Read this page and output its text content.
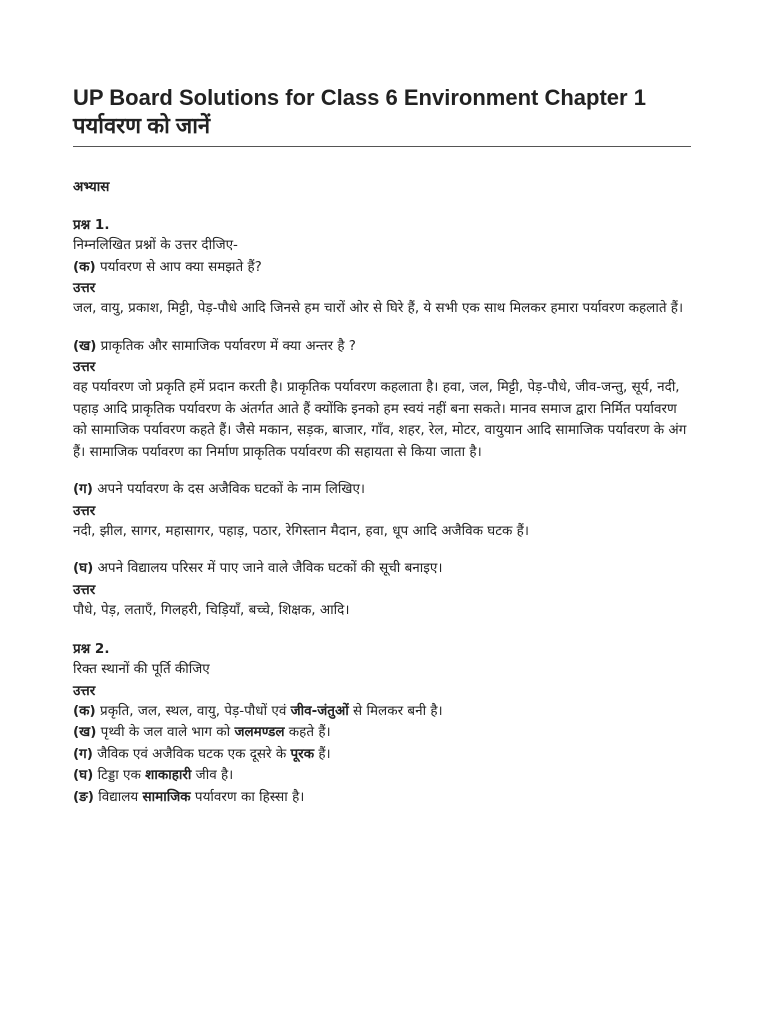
UP Board Solutions for Class 6 Environment Chapter 1
पर्यावरण को जानें
अभ्यास
प्रश्न 1.

निम्नलिखित प्रश्नों के उत्तर दीजिए-

(क) पर्यावरण से आप क्या समझते हैं?

उत्तर

जल, वायु, प्रकाश, मिट्टी, पेड़-पौधे आदि जिनसे हम चारों ओर से घिरे हैं, ये सभी एक साथ मिलकर हमारा पर्यावरण कहलाते हैं।

(ख) प्राकृतिक और सामाजिक पर्यावरण में क्या अन्तर है ?

उत्तर

वह पर्यावरण जो प्रकृति हमें प्रदान करती है। प्राकृतिक पर्यावरण कहलाता है। हवा, जल, मिट्टी, पेड़-पौधे, जीव-जन्तु, सूर्य, नदी, पहाड़ आदि प्राकृतिक पर्यावरण के अंतर्गत आते हैं क्योंकि इनको हम स्वयं नहीं बना सकते। मानव समाज द्वारा निर्मित पर्यावरण को सामाजिक पर्यावरण कहते हैं। जैसे मकान, सड़क, बाजार, गाँव, शहर, रेल, मोटर, वायुयान आदि सामाजिक पर्यावरण के अंग हैं। सामाजिक पर्यावरण का निर्माण प्राकृतिक पर्यावरण की सहायता से किया जाता है।

(ग) अपने पर्यावरण के दस अजैविक घटकों के नाम लिखिए।

उत्तर

नदी, झील, सागर, महासागर, पहाड़, पठार, रेगिस्तान मैदान, हवा, धूप आदि अजैविक घटक हैं।

(घ) अपने विद्यालय परिसर में पाए जाने वाले जैविक घटकों की सूची बनाइए।

उत्तर

पौधे, पेड़, लताएँ, गिलहरी, चिड़ियाँ, बच्चे, शिक्षक, आदि।

प्रश्न 2.

रिक्त स्थानों की पूर्ति कीजिए

उत्तर

(क) प्रकृति, जल, स्थल, वायु, पेड़-पौधों एवं जीव-जंतुओं से मिलकर बनी है।

(ख) पृथ्वी के जल वाले भाग को जलमण्डल कहते हैं।

(ग) जैविक एवं अजैविक घटक एक दूसरे के पूरक हैं।

(घ) टिड्डा एक शाकाहारी जीव है।

(ङ) विद्यालय सामाजिक पर्यावरण का हिस्सा है।
